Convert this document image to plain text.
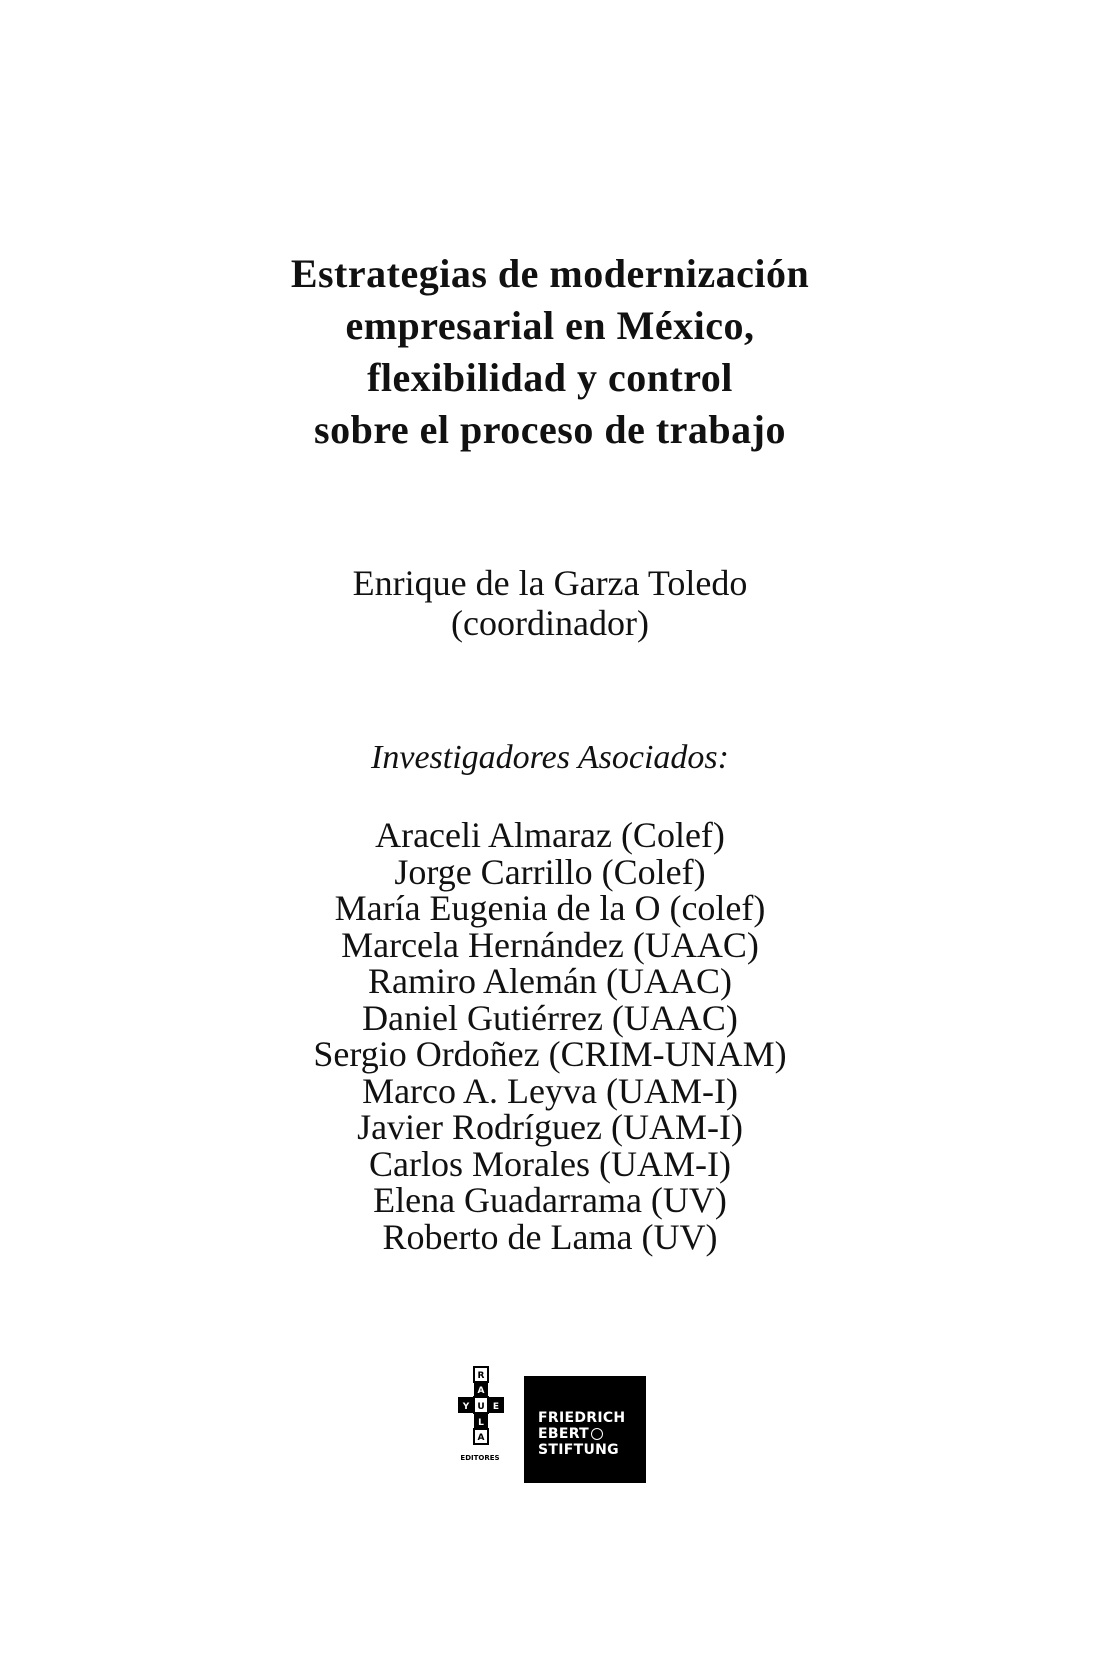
Estrategias de modernización
empresarial en México,
flexibilidad y control
sobre el proceso de trabajo
Enrique de la Garza Toledo
(coordinador)
Investigadores Asociados:
Araceli Almaraz (Colef)
Jorge Carrillo (Colef)
María Eugenia de la O (colef)
Marcela Hernández (UAAC)
Ramiro Alemán (UAAC)
Daniel Gutiérrez (UAAC)
Sergio Ordoñez (CRIM-UNAM)
Marco A. Leyva (UAM-I)
Javier Rodríguez (UAM-I)
Carlos Morales (UAM-I)
Elena Guadarrama (UV)
Roberto de Lama (UV)
R
A
U
L
A
Y	E
EDITORES
FRIEDRICH
EBERT
STIFTUNG
